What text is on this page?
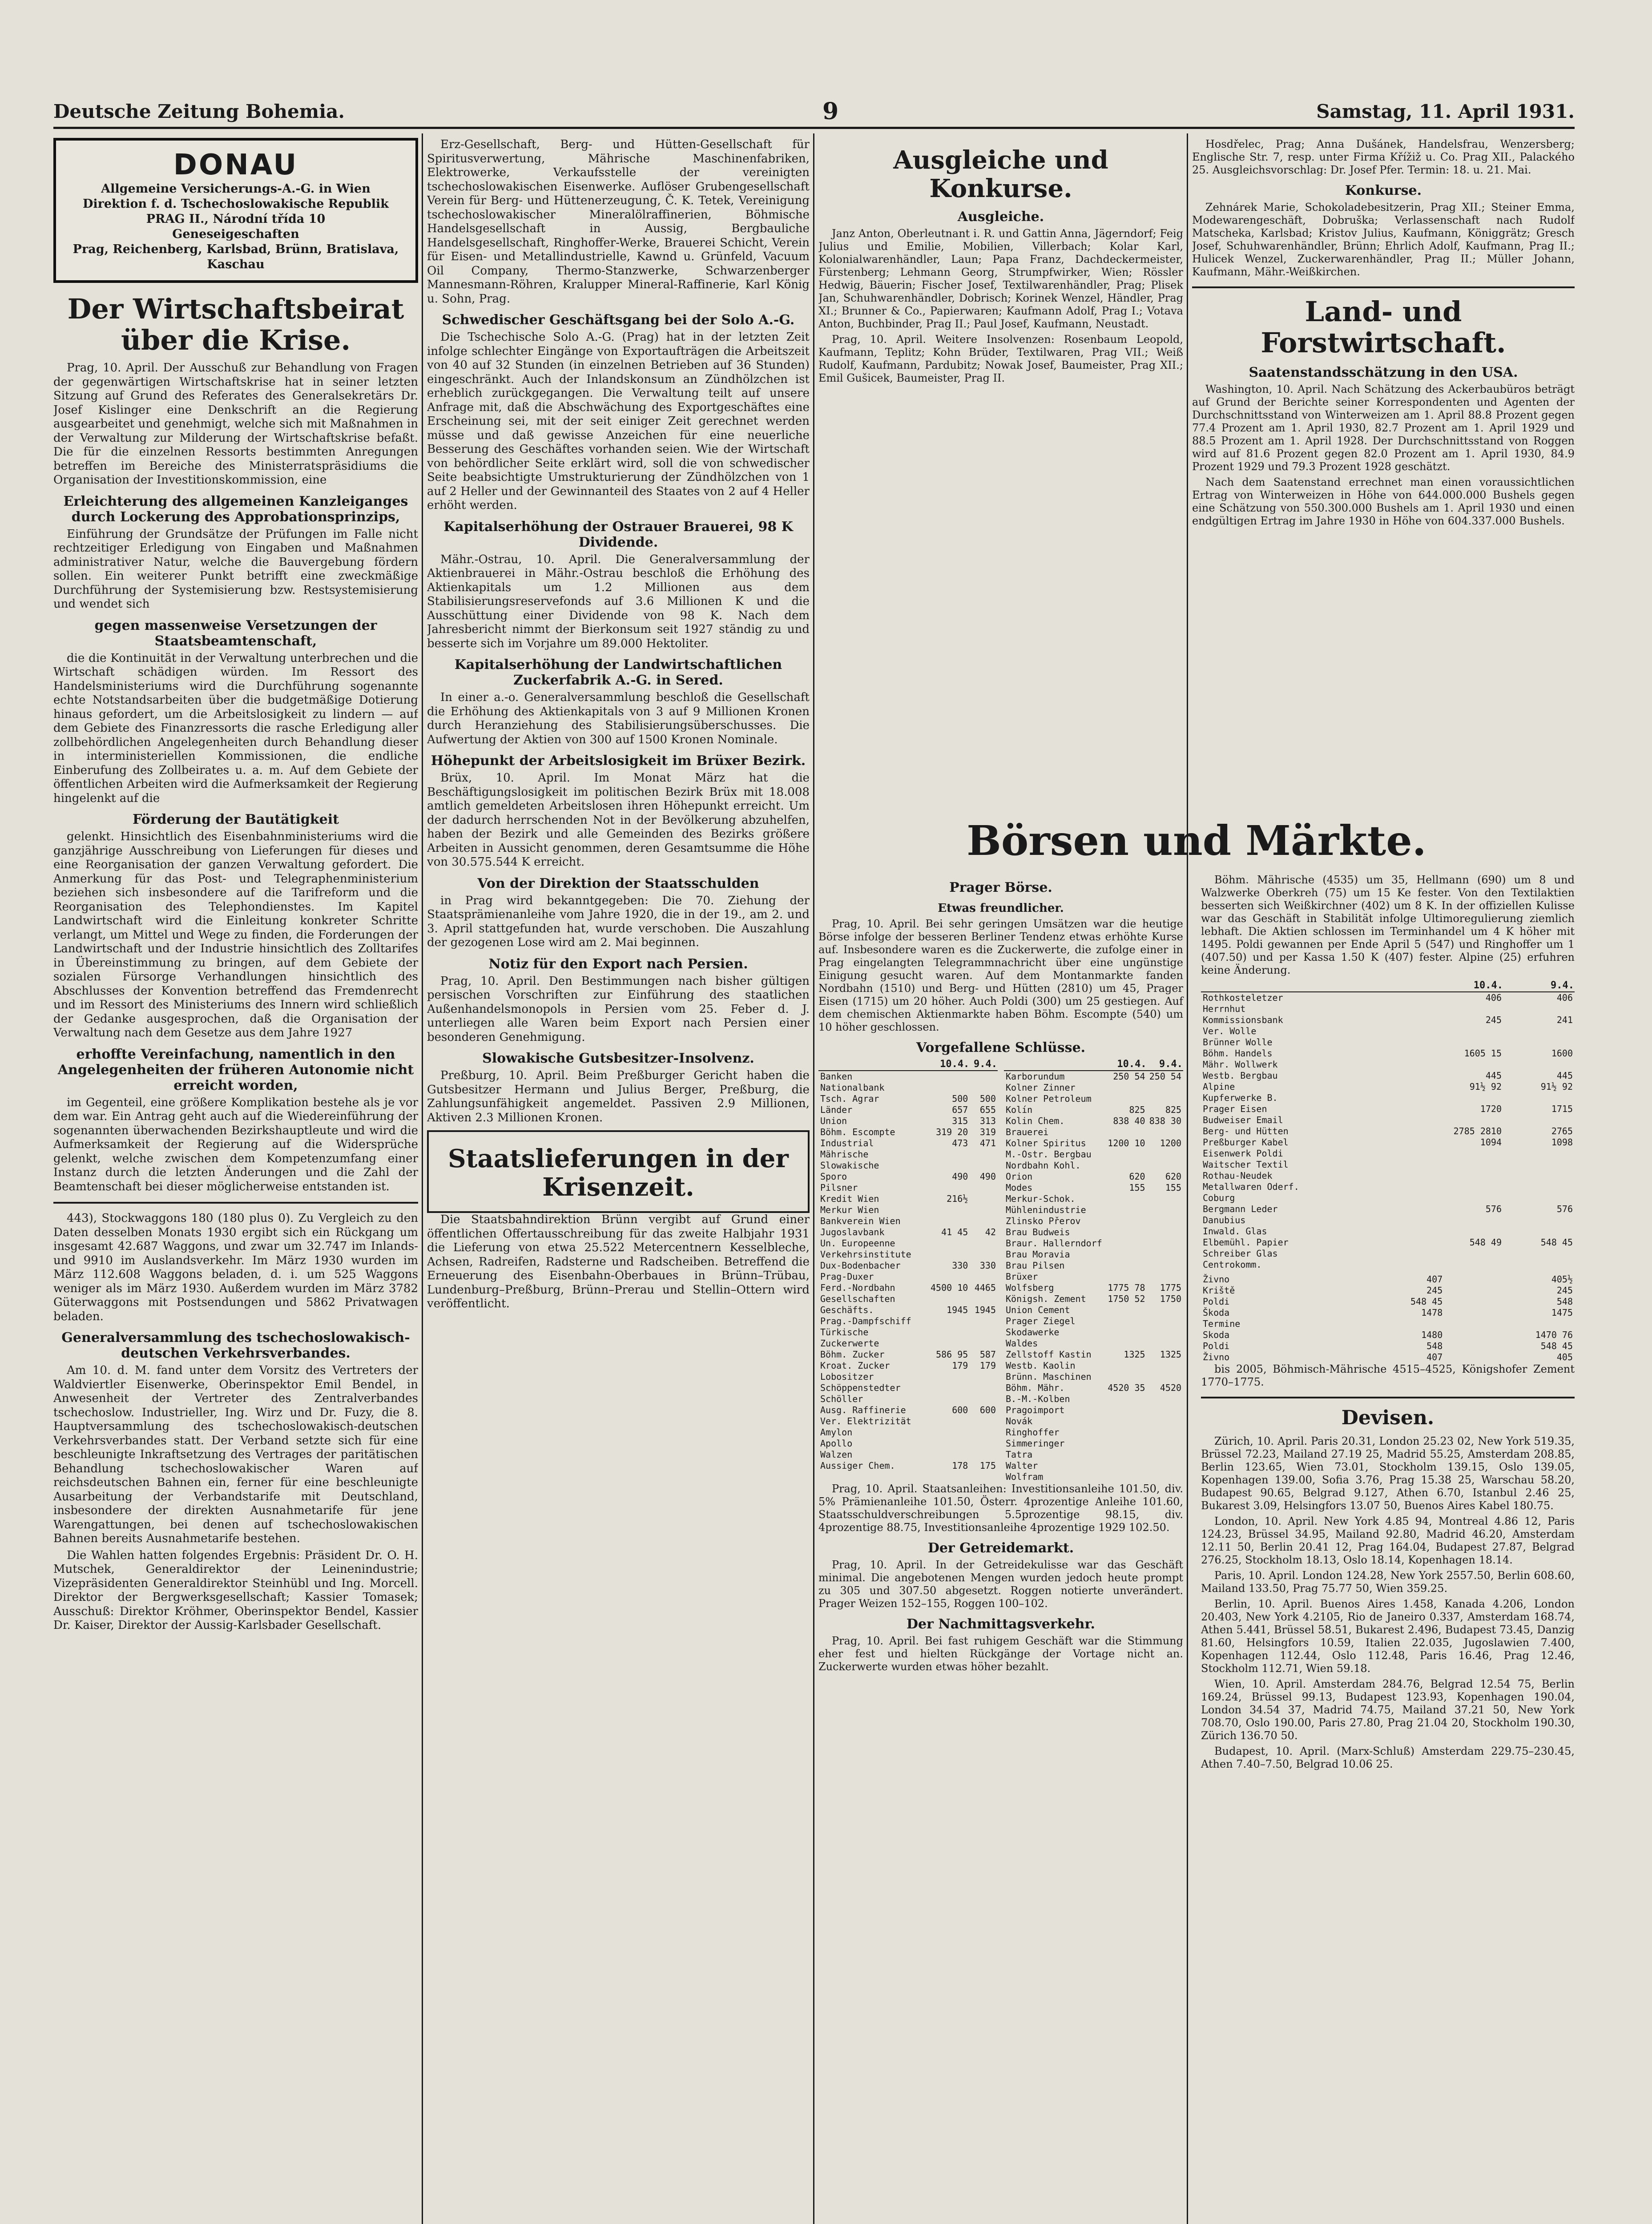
Deutsche Zeitung Bohemia.	9	Samstag, 11. April 1931.
DONAU
Allgemeine Versicherungs-A.-G. in Wien
Direktion f. d. Tschechoslowakische Republik PRAG II., Národní třída 10
Geneseigeschaften
Prag, Reichenberg, Karlsbad, Brünn, Bratislava, Kaschau
Der Wirtschaftsbeirat über die Krise.

Prag, 10. April. Der Ausschuß zur Behandlung von Fragen der gegenwärtigen Wirtschaftskrise hat in seiner letzten Sitzung auf Grund des Referates des Generalsekretärs Dr. Josef Kislinger eine Denkschrift an die Regierung ausgearbeitet und genehmigt, welche sich mit Maßnahmen in der Verwaltung zur Milderung der Wirtschaftskrise befaßt. Die für die einzelnen Ressorts bestimmten Anregungen betreffen im Bereiche des Ministerratspräsidiums die Organisation der Investitionskommission, eine

Erleichterung des allgemeinen Kanzleiganges durch Lockerung des Approbationsprinzips,

Einführung der Grundsätze der Prüfungen im Falle nicht rechtzeitiger Erledigung von Eingaben und Maßnahmen administrativer Natur, welche die Bauvergebung fördern sollen. Ein weiterer Punkt betrifft eine zweckmäßige Durchführung der Systemisierung bzw. Restsystemisierung und wendet sich

gegen massenweise Versetzungen der Staatsbeamtenschaft,

die die Kontinuität in der Verwaltung unterbrechen und die Wirtschaft schädigen würden. Im Ressort des Handelsministeriums wird die Durchführung sogenannte echte Notstandsarbeiten über die budgetmäßige Dotierung hinaus gefordert, um die Arbeitslosigkeit zu lindern — auf dem Gebiete des Finanzressorts die rasche Erledigung aller zollbehördlichen Angelegenheiten durch Behandlung dieser in interministeriellen Kommissionen, die endliche Einberufung des Zollbeirates u. a. m. Auf dem Gebiete der öffentlichen Arbeiten wird die Aufmerksamkeit der Regierung hingelenkt auf die

Förderung der Bautätigkeit

gelenkt. Hinsichtlich des Eisenbahnministeriums wird die ganzjährige Ausschreibung von Lieferungen für dieses und eine Reorganisation der ganzen Verwaltung gefordert. Die Anmerkung für das Post- und Telegraphenministerium beziehen sich insbesondere auf die Tarifreform und die Reorganisation des Telephondienstes. Im Kapitel Landwirtschaft wird die Einleitung konkreter Schritte verlangt, um Mittel und Wege zu finden, die Forderungen der Landwirtschaft und der Industrie hinsichtlich des Zolltarifes in Übereinstimmung zu bringen, auf dem Gebiete der sozialen Fürsorge Verhandlungen hinsichtlich des Abschlusses der Konvention betreffend das Fremdenrecht und im Ressort des Ministeriums des Innern wird schließlich der Gedanke ausgesprochen, daß die Organisation der Verwaltung nach dem Gesetze aus dem Jahre 1927

erhoffte Vereinfachung, namentlich in den Angelegenheiten der früheren Autonomie nicht erreicht worden,

im Gegenteil, eine größere Komplikation bestehe als je vor dem war. Ein Antrag geht auch auf die Wiedereinführung der sogenannten überwachenden Bezirkshauptleute und wird die Aufmerksamkeit der Regierung auf die Widersprüche gelenkt, welche zwischen dem Kompetenzumfang einer Instanz durch die letzten Änderungen und die Zahl der Beamtenschaft bei dieser möglicherweise entstanden ist.

443), Stockwaggons 180 (180 plus 0). Zu Vergleich zu den Daten desselben Monats 1930 ergibt sich ein Rückgang um insgesamt 42.687 Waggons, und zwar um 32.747 im Inlands- und 9910 im Auslandsverkehr. Im März 1930 wurden im März 112.608 Waggons beladen, d. i. um 525 Waggons weniger als im März 1930. Außerdem wurden im März 3782 Güterwaggons mit Postsendungen und 5862 Privatwagen beladen.

Generalversammlung des tschechoslowakisch-deutschen Verkehrsverbandes.

Am 10. d. M. fand unter dem Vorsitz des Vertreters der Waldviertler Eisenwerke, Oberinspektor Emil Bendel, in Anwesenheit der Vertreter des Zentralverbandes tschechoslow. Industrieller, Ing. Wirz und Dr. Fuzy, die 8. Hauptversammlung des tschechoslowakisch-deutschen Verkehrsverbandes statt. Der Verband setzte sich für eine beschleunigte Inkraftsetzung des Vertrages der paritätischen Behandlung tschechoslowakischer Waren auf reichsdeutschen Bahnen ein, ferner für eine beschleunigte Ausarbeitung der Verbandstarife mit Deutschland, insbesondere der direkten Ausnahmetarife für jene Warengattungen, bei denen auf tschechoslowakischen Bahnen bereits Ausnahmetarife bestehen.

Die Wahlen hatten folgendes Ergebnis: Präsident Dr. O. H. Mutschek, Generaldirektor der Leinenindustrie; Vizepräsidenten Generaldirektor Steinhübl und Ing. Morcell. Direktor der Bergwerksgesellschaft; Kassier Tomasek; Ausschuß: Direktor Kröhmer, Oberinspektor Bendel, Kassier Dr. Kaiser, Direktor der Aussig-Karlsbader Gesellschaft.

Erz-Gesellschaft, Berg- und Hütten-Gesellschaft für Spiritusverwertung, Mährische Maschinenfabriken, Elektrowerke, Verkaufsstelle der vereinigten tschechoslowakischen Eisenwerke. Auflöser Grubengesellschaft Verein für Berg- und Hüttenerzeugung, Č. K. Tetek, Vereinigung tschechoslowakischer Mineralölraffinerien, Böhmische Handelsgesellschaft in Aussig, Bergbauliche Handelsgesellschaft, Ringhoffer-Werke, Brauerei Schicht, Verein für Eisen- und Metallindustrielle, Kawnd u. Grünfeld, Vacuum Oil Company, Thermo-Stanzwerke, Schwarzenberger Mannesmann-Röhren, Kralupper Mineral-Raffinerie, Karl König u. Sohn, Prag.

Schwedischer Geschäftsgang bei der Solo A.-G.

Die Tschechische Solo A.-G. (Prag) hat in der letzten Zeit infolge schlechter Eingänge von Exportaufträgen die Arbeitszeit von 40 auf 32 Stunden (in einzelnen Betrieben auf 36 Stunden) eingeschränkt. Auch der Inlandskonsum an Zündhölzchen ist erheblich zurückgegangen. Die Verwaltung teilt auf unsere Anfrage mit, daß die Abschwächung des Exportgeschäftes eine Erscheinung sei, mit der seit einiger Zeit gerechnet werden müsse und daß gewisse Anzeichen für eine neuerliche Besserung des Geschäftes vorhanden seien. Wie der Wirtschaft von behördlicher Seite erklärt wird, soll die von schwedischer Seite beabsichtigte Umstrukturierung der Zündhölzchen von 1 auf 2 Heller und der Gewinnanteil des Staates von 2 auf 4 Heller erhöht werden.

Kapitalserhöhung der Ostrauer Brauerei, 98 K Dividende.

Mähr.-Ostrau, 10. April. Die Generalversammlung der Aktienbrauerei in Mähr.-Ostrau beschloß die Erhöhung des Aktienkapitals um 1.2 Millionen aus dem Stabilisierungsreservefonds auf 3.6 Millionen K und die Ausschüttung einer Dividende von 98 K. Nach dem Jahresbericht nimmt der Bierkonsum seit 1927 ständig zu und besserte sich im Vorjahre um 89.000 Hektoliter.

Kapitalserhöhung der Landwirtschaftlichen Zuckerfabrik A.-G. in Sered.

In einer a.-o. Generalversammlung beschloß die Gesellschaft die Erhöhung des Aktienkapitals von 3 auf 9 Millionen Kronen durch Heranziehung des Stabilisierungsüberschusses. Die Aufwertung der Aktien von 300 auf 1500 Kronen Nominale.

Höhepunkt der Arbeitslosigkeit im Brüxer Bezirk.

Brüx, 10. April. Im Monat März hat die Beschäftigungslosigkeit im politischen Bezirk Brüx mit 18.008 amtlich gemeldeten Arbeitslosen ihren Höhepunkt erreicht. Um der dadurch herrschenden Not in der Bevölkerung abzuhelfen, haben der Bezirk und alle Gemeinden des Bezirks größere Arbeiten in Aussicht genommen, deren Gesamtsumme die Höhe von 30.575.544 K erreicht.

Von der Direktion der Staatsschulden

in Prag wird bekanntgegeben: Die 70. Ziehung der Staatsprämienanleihe vom Jahre 1920, die in der 19., am 2. und 3. April stattgefunden hat, wurde verschoben. Die Auszahlung der gezogenen Lose wird am 2. Mai beginnen.

Notiz für den Export nach Persien.

Prag, 10. April. Den Bestimmungen nach bisher gültigen persischen Vorschriften zur Einführung des staatlichen Außenhandelsmonopols in Persien vom 25. Feber d. J. unterliegen alle Waren beim Export nach Persien einer besonderen Genehmigung.

Slowakische Gutsbesitzer-Insolvenz.

Preßburg, 10. April. Beim Preßburger Gericht haben die Gutsbesitzer Hermann und Julius Berger, Preßburg, die Zahlungsunfähigkeit angemeldet. Passiven 2.9 Millionen, Aktiven 2.3 Millionen Kronen.

Staatslieferungen in der Krisenzeit.

Die Staatsbahndirektion Brünn vergibt auf Grund einer öffentlichen Offertausschreibung für das zweite Halbjahr 1931 die Lieferung von etwa 25.522 Metercentnern Kesselbleche, Achsen, Radreifen, Radsterne und Radscheiben. Betreffend die Erneuerung des Eisenbahn-Oberbaues in Brünn–Trübau, Lundenburg–Preßburg, Brünn–Prerau und Stellin–Ottern wird veröffentlicht.

Ausgleiche und Konkurse.
Ausgleiche.

Janz Anton, Oberleutnant i. R. und Gattin Anna, Jägerndorf; Feig Julius und Emilie, Mobilien, Villerbach; Kolar Karl, Kolonialwarenhändler, Laun; Papa Franz, Dachdeckermeister, Fürstenberg; Lehmann Georg, Strumpfwirker, Wien; Rössler Hedwig, Bäuerin; Fischer Josef, Textilwarenhändler, Prag; Plisek Jan, Schuhwarenhändler, Dobrisch; Korinek Wenzel, Händler, Prag XI.; Brunner & Co., Papierwaren; Kaufmann Adolf, Prag I.; Votava Anton, Buchbinder, Prag II.; Paul Josef, Kaufmann, Neustadt.

Prag, 10. April. Weitere Insolvenzen: Rosenbaum Leopold, Kaufmann, Teplitz; Kohn Brüder, Textilwaren, Prag VII.; Weiß Rudolf, Kaufmann, Pardubitz; Nowak Josef, Baumeister, Prag XII.; Emil Gušicek, Baumeister, Prag II.

Börsen und Märkte.
Prager Börse.
Etwas freundlicher.

Prag, 10. April. Bei sehr geringen Umsätzen war die heutige Börse infolge der besseren Berliner Tendenz etwas erhöhte Kurse auf. Insbesondere waren es die Zuckerwerte, die zufolge einer in Prag eingelangten Telegrammnachricht über eine ungünstige Einigung gesucht waren. Auf dem Montanmarkte fanden Nordbahn (1510) und Berg- und Hütten (2810) um 45, Prager Eisen (1715) um 20 höher. Auch Poldi (300) um 25 gestiegen. Auf dem chemischen Aktienmarkte haben Böhm. Escompte (540) um 10 höher geschlossen.

Vorgefallene Schlüsse.
	10.4.	9.4.
Banken		
Nationalbank		
Tsch. Agrar	500	500
Länder	657	655
Union	315	313
Böhm. Escompte	319 20	319
Industrial	473	471
Mährische		
Slowakische		
Sporo	490	490
Pilsner		
Kredit Wien	216½	
Merkur Wien		
Bankverein Wien		
Jugoslavbank	41 45	42
Un. Europeenne		
Verkehrsinstitute		
Dux-Bodenbacher	330	330
Prag-Duxer		
Ferd.-Nordbahn	4500 10	4465
Gesellschaften		
Geschäfts.	1945	1945
Prag.-Dampfschiff		
Türkische		
Zuckerwerte		
Böhm. Zucker	586 95	587
Kroat. Zucker	179	179
Lobositzer		
Schöppenstedter		
Schöller		
Ausg. Raffinerie	600	600
Ver. Elektrizität		
Amylon		
Apollo		
Walzen		
Aussiger Chem.	178	175
	10.4.	9.4.
Karborundum	250 54	250 54
Kolner Zinner		
Kolner Petroleum		
Kolín	825	825
Kolin Chem.	838 40	838 30
Brauerei		
Kolner Spiritus	1200 10	1200
M.-Ostr. Bergbau		
Nordbahn Kohl.		
Orion	620	620
Modes	155	155
Merkur-Schok.		
Mühlenindustrie		
Zlinsko Přerov		
Brau Budweis		
Braur. Hallerndorf		
Brau Moravia		
Brau Pilsen		
Brüxer		
Wolfsberg	1775 78	1775
Königsh. Zement	1750 52	1750
Union Cement		
Prager Ziegel		
Skodawerke		
Waldes		
Zellstoff Kastin	1325	1325
Westb. Kaolin		
Brünn. Maschinen		
Böhm. Mähr.	4520 35	4520
B.-M.-Kolben		
Pragoimport		
Novák		
Ringhoffer		
Simmeringer		
Tatra		
Walter		
Wolfram		

Prag, 10. April. Staatsanleihen: Investitionsanleihe 101.50, div. 5% Prämienanleihe 101.50, Österr. 4prozentige Anleihe 101.60, Staatsschuldverschreibungen 5.5prozentige 98.15, div. 4prozentige 88.75, Investitionsanleihe 4prozentige 1929 102.50.

Der Getreidemarkt.

Prag, 10. April. In der Getreidekulisse war das Geschäft minimal. Die angebotenen Mengen wurden jedoch heute prompt zu 305 und 307.50 abgesetzt. Roggen notierte unverändert. Prager Weizen 152–155, Roggen 100–102.

Der Nachmittagsverkehr.

Prag, 10. April. Bei fast ruhigem Geschäft war die Stimmung eher fest und hielten Rückgänge der Vortage nicht an. Zuckerwerte wurden etwas höher bezahlt.

Böhm. Mährische (4535) um 35, Hellmann (690) um 8 und Walzwerke Oberkreh (75) um 15 Ke fester. Von den Textilaktien besserten sich Weißkirchner (402) um 8 K. In der offiziellen Kulisse war das Geschäft in Stabilität infolge Ultimoregulierung ziemlich lebhaft. Die Aktien schlossen im Terminhandel um 4 K höher mit 1495. Poldi gewannen per Ende April 5 (547) und Ringhoffer um 1 (407.50) und per Kassa 1.50 K (407) fester. Alpine (25) erfuhren keine Änderung.

	10.4.	9.4.
Rothkosteletzer	406	406
Herrnhut		
Kommissionsbank	245	241
Ver. Wolle		
Brünner Wolle		
Böhm. Handels	1605 15	1600
Mähr. Wollwerk		
Westb. Bergbau	445	445
Alpine	91½ 92	91½ 92
Kupferwerke B.		
Prager Eisen	1720	1715
Budweiser Email		
Berg- und Hütten	2785 2810	2765
Preßburger Kabel	1094	1098
Eisenwerk Poldi		
Waitscher Textil		
Rothau-Neudek		
Metallwaren Oderf.		
Coburg		
Bergmann Leder	576	576
Danubius		
Inwald. Glas		
Elbemühl. Papier	548 49	548 45
Schreiber Glas		
Centrokomm.		
Živno	407	405½
Kriště	245	245
Poldi	548 45	548
Škoda	1478	1475
Termine		
Skoda	1480	1470 76
Poldi	548	548 45
Živno	407	405

bis 2005, Böhmisch-Mährische 4515–4525, Königshofer Zement 1770–1775.

Devisen.

Zürich, 10. April. Paris 20.31, London 25.23 02, New York 519.35, Brüssel 72.23, Mailand 27.19 25, Madrid 55.25, Amsterdam 208.85, Berlin 123.65, Wien 73.01, Stockholm 139.15, Oslo 139.05, Kopenhagen 139.00, Sofia 3.76, Prag 15.38 25, Warschau 58.20, Budapest 90.65, Belgrad 9.127, Athen 6.70, Istanbul 2.46 25, Bukarest 3.09, Helsingfors 13.07 50, Buenos Aires Kabel 180.75.

London, 10. April. New York 4.85 94, Montreal 4.86 12, Paris 124.23, Brüssel 34.95, Mailand 92.80, Madrid 46.20, Amsterdam 12.11 50, Berlin 20.41 12, Prag 164.04, Budapest 27.87, Belgrad 276.25, Stockholm 18.13, Oslo 18.14, Kopenhagen 18.14.

Paris, 10. April. London 124.28, New York 2557.50, Berlin 608.60, Mailand 133.50, Prag 75.77 50, Wien 359.25.

Berlin, 10. April. Buenos Aires 1.458, Kanada 4.206, London 20.403, New York 4.2105, Rio de Janeiro 0.337, Amsterdam 168.74, Athen 5.441, Brüssel 58.51, Bukarest 2.496, Budapest 73.45, Danzig 81.60, Helsingfors 10.59, Italien 22.035, Jugoslawien 7.400, Kopenhagen 112.44, Oslo 112.48, Paris 16.46, Prag 12.46, Stockholm 112.71, Wien 59.18.

Wien, 10. April. Amsterdam 284.76, Belgrad 12.54 75, Berlin 169.24, Brüssel 99.13, Budapest 123.93, Kopenhagen 190.04, London 34.54 37, Madrid 74.75, Mailand 37.21 50, New York 708.70, Oslo 190.00, Paris 27.80, Prag 21.04 20, Stockholm 190.30, Zürich 136.70 50.

Budapest, 10. April. (Marx-Schluß) Amsterdam 229.75–230.45, Athen 7.40–7.50, Belgrad 10.06 25.

Hosdřelec, Prag; Anna Dušánek, Handelsfrau, Wenzersberg; Englische Str. 7, resp. unter Firma Křížiž u. Co. Prag XII., Palackého 25. Ausgleichsvorschlag: Dr. Josef Pfer. Termin: 18. u. 21. Mai.

Konkurse.

Zehnárek Marie, Schokoladebesitzerin, Prag XII.; Steiner Emma, Modewarengeschäft, Dobruška; Verlassenschaft nach Rudolf Matscheka, Karlsbad; Kristov Julius, Kaufmann, Königgrätz; Gresch Josef, Schuhwarenhändler, Brünn; Ehrlich Adolf, Kaufmann, Prag II.; Hulicek Wenzel, Zuckerwarenhändler, Prag II.; Müller Johann, Kaufmann, Mähr.-Weißkirchen.

Land- und Forstwirtschaft.
Saatenstandsschätzung in den USA.

Washington, 10. April. Nach Schätzung des Ackerbaubüros beträgt auf Grund der Berichte seiner Korrespondenten und Agenten der Durchschnittsstand von Winterweizen am 1. April 88.8 Prozent gegen 77.4 Prozent am 1. April 1930, 82.7 Prozent am 1. April 1929 und 88.5 Prozent am 1. April 1928. Der Durchschnittsstand von Roggen wird auf 81.6 Prozent gegen 82.0 Prozent am 1. April 1930, 84.9 Prozent 1929 und 79.3 Prozent 1928 geschätzt.

Nach dem Saatenstand errechnet man einen voraussichtlichen Ertrag von Winterweizen in Höhe von 644.000.000 Bushels gegen eine Schätzung von 550.300.000 Bushels am 1. April 1930 und einen endgültigen Ertrag im Jahre 1930 in Höhe von 604.337.000 Bushels.
